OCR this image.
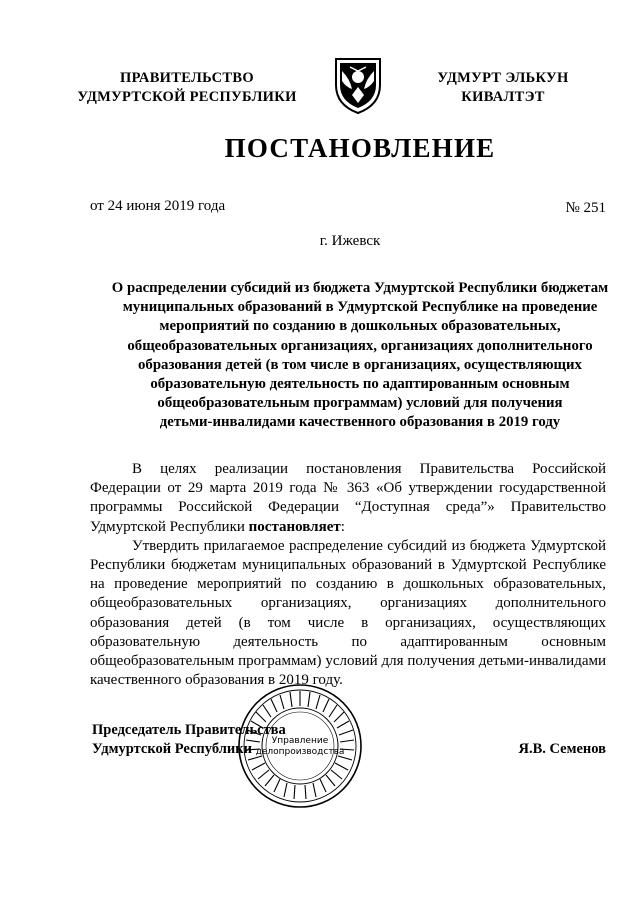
ПРАВИТЕЛЬСТВО
УДМУРТСКОЙ РЕСПУБЛИКИ
УДМУРТ ЭЛЬКУН
КИВАЛТЭТ
ПОСТАНОВЛЕНИЕ
от 24 июня 2019 года	№ 251
г. Ижевск
О распределении субсидий из бюджета Удмуртской Республики бюджетам
муниципальных образований в Удмуртской Республике на проведение
мероприятий по созданию в дошкольных образовательных,
общеобразовательных организациях, организациях дополнительного
образования детей (в том числе в организациях, осуществляющих
образовательную деятельность по адаптированным основным
общеобразовательным программам) условий для получения
детьми-инвалидами качественного образования в 2019 году

В целях реализации постановления Правительства Российской Федерации от 29 марта 2019 года № 363 «Об утверждении государственной программы Российской Федерации “Доступная среда”» Правительство Удмуртской Республики постановляет:

Утвердить прилагаемое распределение субсидий из бюджета Удмуртской Республики бюджетам муниципальных образований в Удмуртской Республике на проведение мероприятий по созданию в дошкольных образовательных, общеобразовательных организациях, организациях дополнительного образования детей (в том числе в организациях, осуществляющих образовательную деятельность по адаптированным основным общеобразовательным программам) условий для получения детьми-инвалидами качественного образования в 2019 году.

Управление
делопроизводства
Председатель Правительства
Удмуртской Республики	Я.В. Семенов
